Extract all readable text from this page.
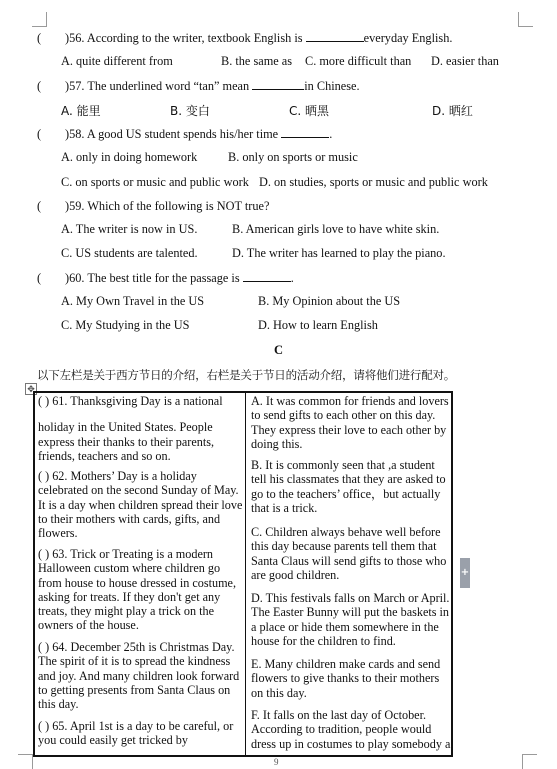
( )56. According to the writer, textbook English is	everyday English.
A. quite different from	B. the same as C. more difficult than D. easier than
( )57. The underlined word “tan” mean	in Chinese.
A. 能里	B. 变白	C. 晒黑	D. 晒红
( )58. A good US student spends his/her time	.
A. only in doing homework B. only on sports or music
C. on sports or music and public work D. on studies, sports or music and public work
( )59. Which of the following is NOT true?
A. The writer is now in US.	B. American girls love to have white skin.
C. US students are talented.	D. The writer has learned to play the piano.
( )60. The best title for the passage is	.
A. My Own Travel in the US	B. My Opinion about the US
C. My Studying in the US	D. How to learn English
C
以下左栏是关于西方节日的介绍，右栏是关于节日的活动介绍，请将他们进行配对。
✥
( ) 61. Thanksgiving Day is a national
holiday in the United States. People express their thanks to their parents, friends, teachers and so on.
( ) 62. Mothers’ Day is a holiday celebrated on the second Sunday of May. It is a day when children spread their love to their mothers with cards, gifts, and flowers.
( ) 63. Trick or Treating is a modern Halloween custom where children go from house to house dressed in costume, asking for treats. If they don't get any treats, they might play a trick on the owners of the house.
( ) 64. December 25th is Christmas Day. The spirit of it is to spread the kindness and joy. And many children look forward to getting presents from Santa Claus on this day.
( ) 65. April 1st is a day to be careful, or you could easily get tricked by
A. It was common for friends and lovers to send gifts to each other on this day. They express their love to each other by doing this.
B. It is commonly seen that ,a student tell his classmates that they are asked to go to the teachers’ office，but actually that is a trick.
C. Children always behave well before this day because parents tell them that Santa Claus will send gifts to those who are good children.
D. This festivals falls on March or April. The Easter Bunny will put the baskets in a place or hide them somewhere in the house for the children to find.
E. Many children make cards and send flowers to give thanks to their mothers on this day.
F. It falls on the last day of October. According to tradition, people would dress up in costumes to play somebody a
+
9
